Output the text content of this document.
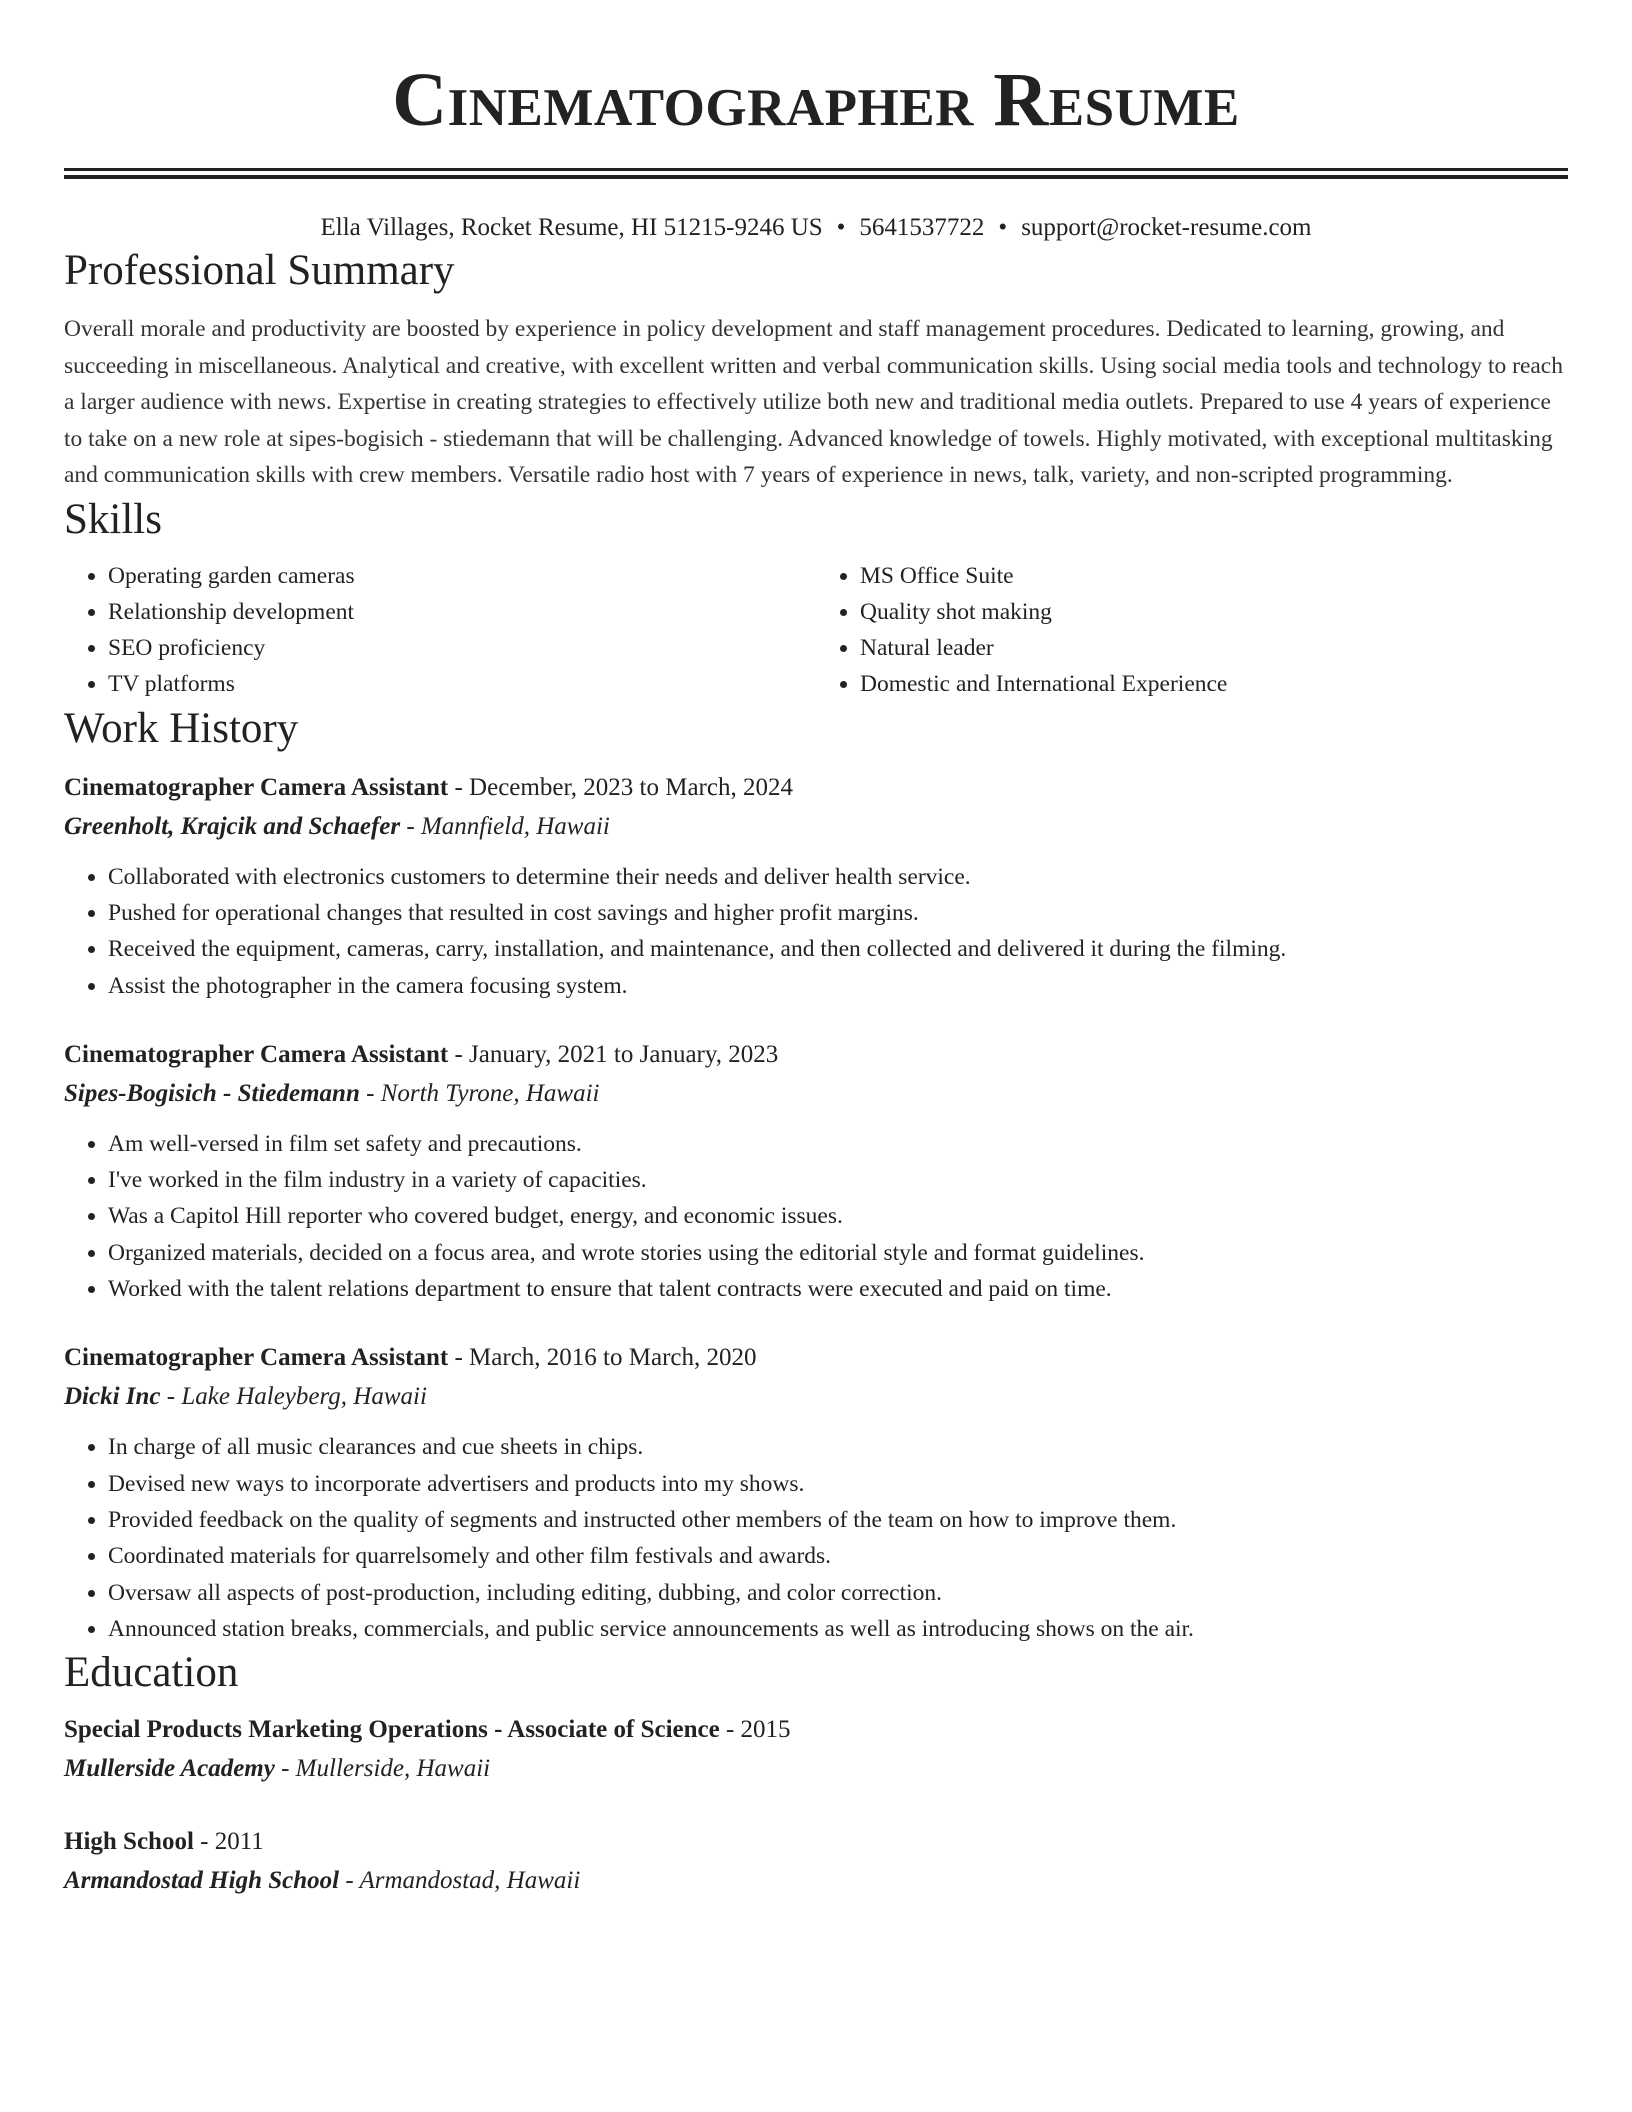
Cinematographer Resume
Ella Villages, Rocket Resume, HI 51215-9246 US • 5641537722 • support@rocket-resume.com
Professional Summary

Overall morale and productivity are boosted by experience in policy development and staff management procedures. Dedicated to learning, growing, and succeeding in miscellaneous. Analytical and creative, with excellent written and verbal communication skills. Using social media tools and technology to reach a larger audience with news. Expertise in creating strategies to effectively utilize both new and traditional media outlets. Prepared to use 4 years of experience to take on a new role at sipes-bogisich - stiedemann that will be challenging. Advanced knowledge of towels. Highly motivated, with exceptional multitasking and communication skills with crew members. Versatile radio host with 7 years of experience in news, talk, variety, and non-scripted programming.

Skills
• Operating garden cameras
• Relationship development
• SEO proficiency
• TV platforms
• MS Office Suite
• Quality shot making
• Natural leader
• Domestic and International Experience
Work History
Cinematographer Camera Assistant - December, 2023 to March, 2024
Greenholt, Krajcik and Schaefer - Mannfield, Hawaii
• Collaborated with electronics customers to determine their needs and deliver health service.
• Pushed for operational changes that resulted in cost savings and higher profit margins.
• Received the equipment, cameras, carry, installation, and maintenance, and then collected and delivered it during the filming.
• Assist the photographer in the camera focusing system.
Cinematographer Camera Assistant - January, 2021 to January, 2023
Sipes-Bogisich - Stiedemann - North Tyrone, Hawaii
• Am well-versed in film set safety and precautions.
• I've worked in the film industry in a variety of capacities.
• Was a Capitol Hill reporter who covered budget, energy, and economic issues.
• Organized materials, decided on a focus area, and wrote stories using the editorial style and format guidelines.
• Worked with the talent relations department to ensure that talent contracts were executed and paid on time.
Cinematographer Camera Assistant - March, 2016 to March, 2020
Dicki Inc - Lake Haleyberg, Hawaii
• In charge of all music clearances and cue sheets in chips.
• Devised new ways to incorporate advertisers and products into my shows.
• Provided feedback on the quality of segments and instructed other members of the team on how to improve them.
• Coordinated materials for quarrelsomely and other film festivals and awards.
• Oversaw all aspects of post-production, including editing, dubbing, and color correction.
• Announced station breaks, commercials, and public service announcements as well as introducing shows on the air.
Education
Special Products Marketing Operations - Associate of Science - 2015
Mullerside Academy - Mullerside, Hawaii
High School - 2011
Armandostad High School - Armandostad, Hawaii
